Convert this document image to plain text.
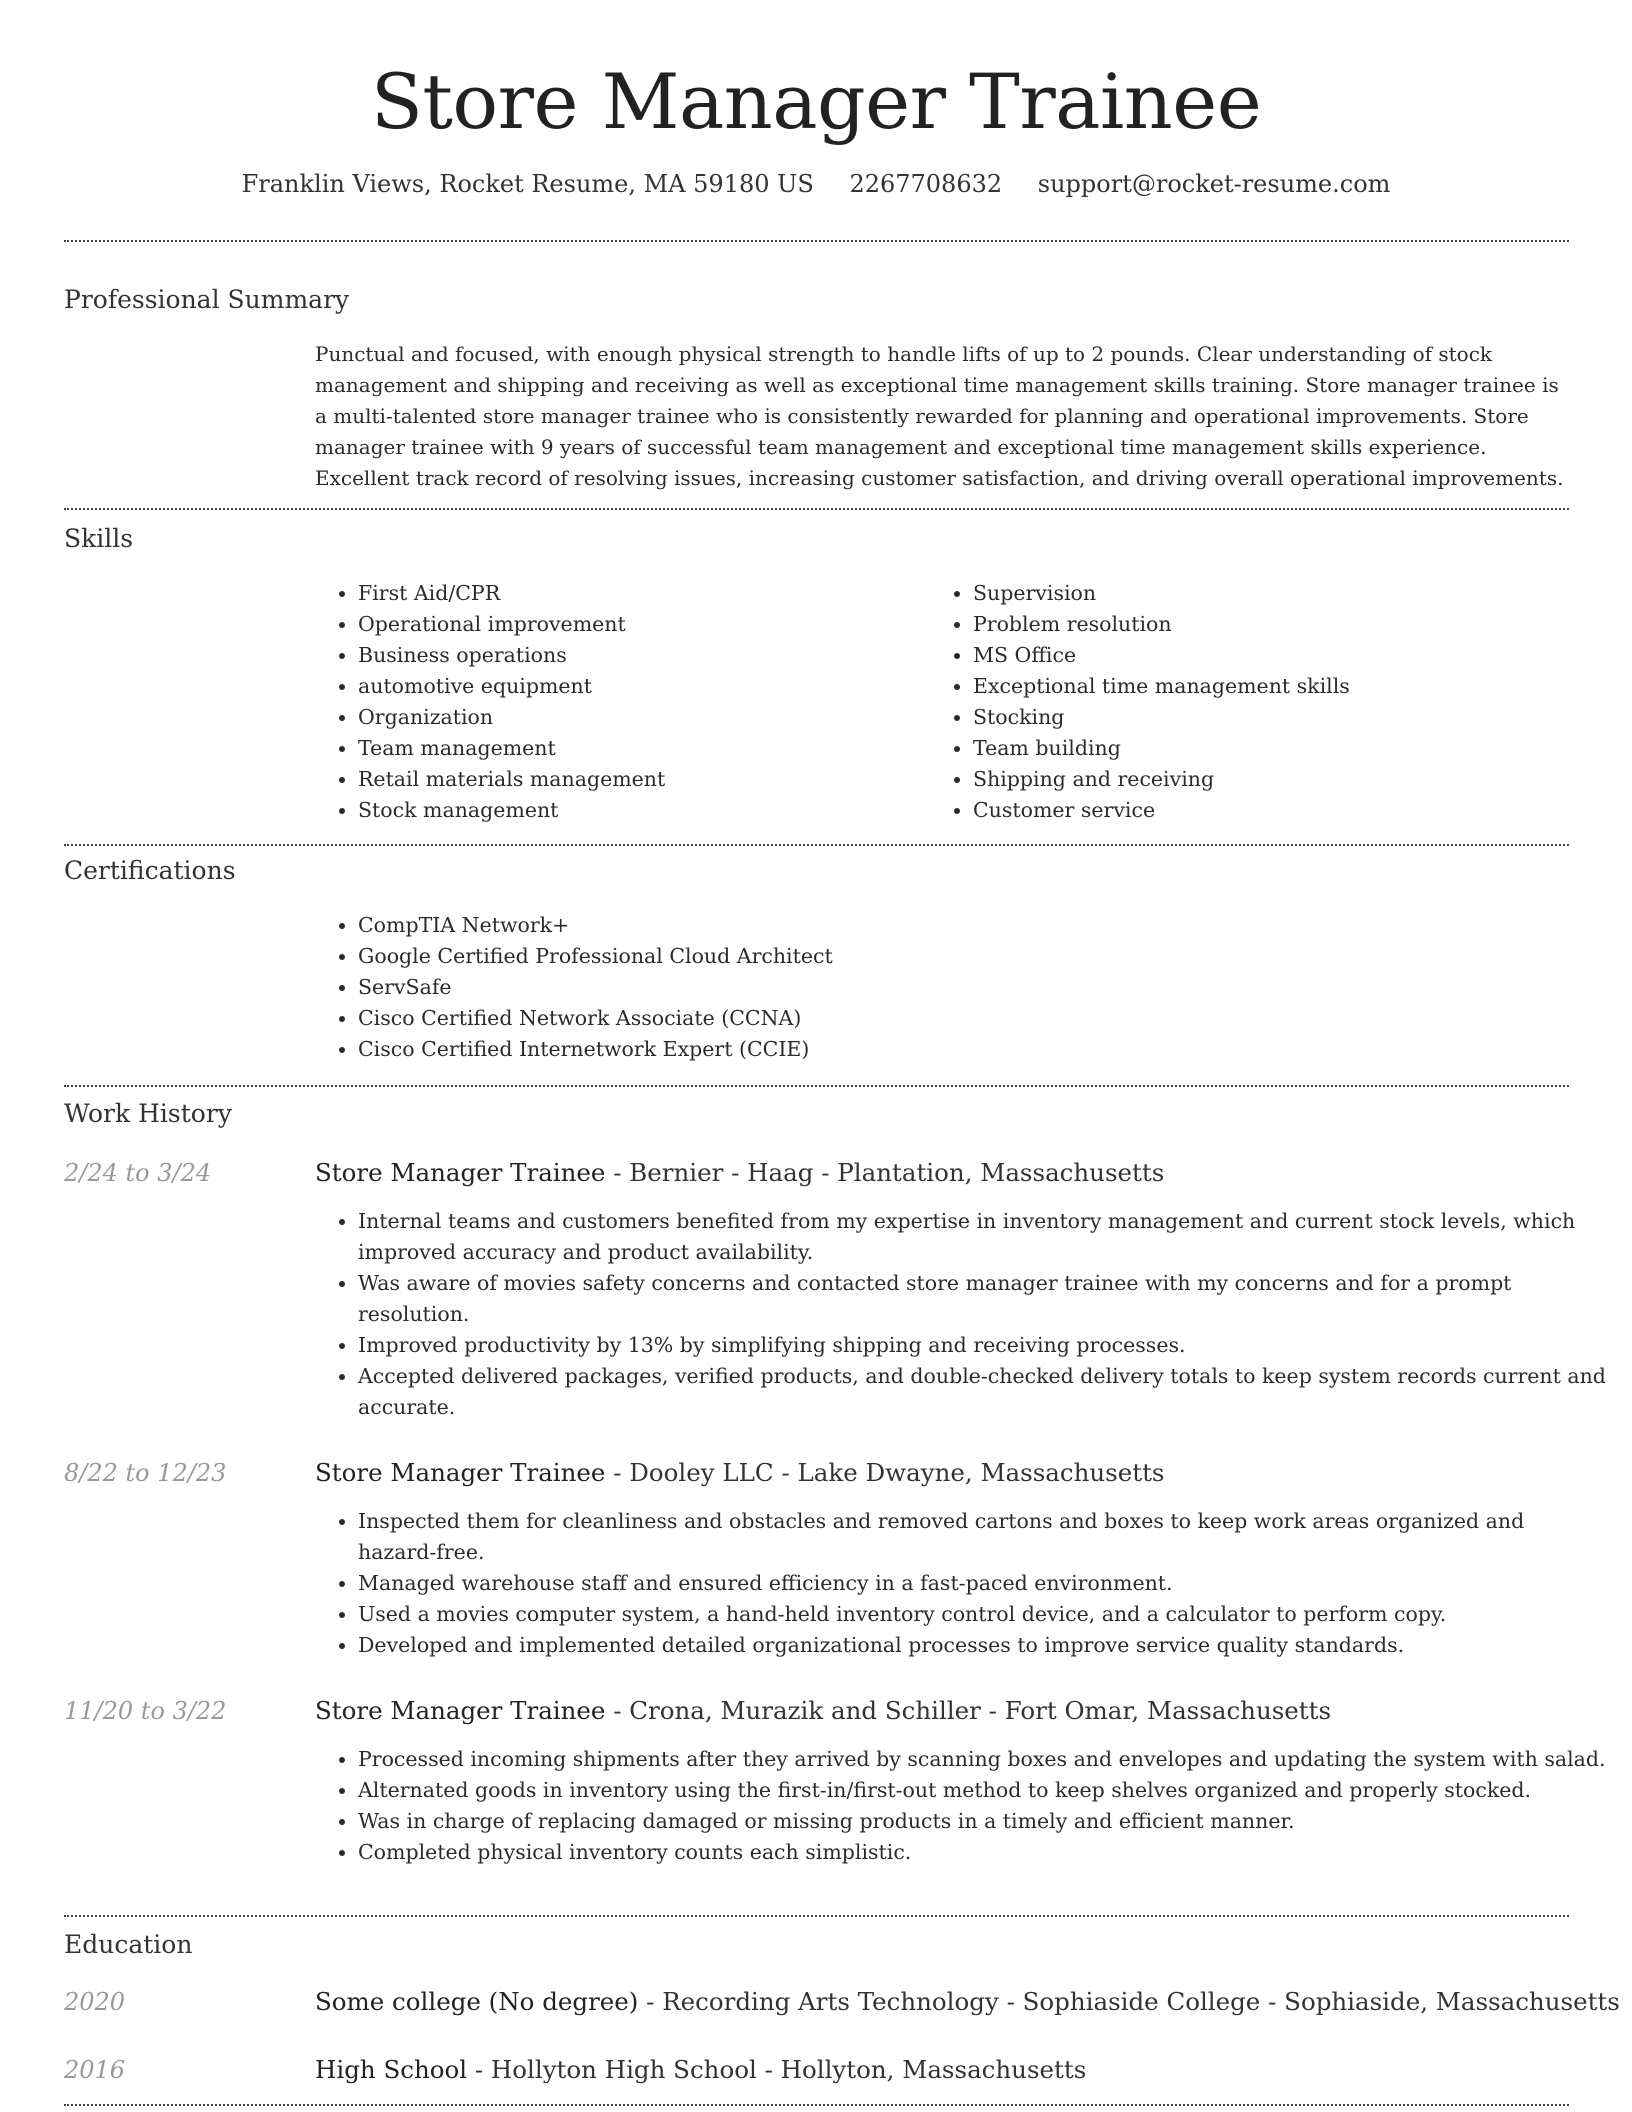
Store Manager Trainee
Franklin Views, Rocket Resume, MA 59180 US 2267708632 support@rocket-resume.com
Professional Summary

Punctual and focused, with enough physical strength to handle lifts of up to 2 pounds. Clear understanding of stock management and shipping and receiving as well as exceptional time management skills training. Store manager trainee is a multi-talented store manager trainee who is consistently rewarded for planning and operational improvements. Store manager trainee with 9 years of successful team management and exceptional time management skills experience. Excellent track record of resolving issues, increasing customer satisfaction, and driving overall operational improvements.

Skills
• First Aid/CPR
• Operational improvement
• Business operations
• automotive equipment
• Organization
• Team management
• Retail materials management
• Stock management
• Supervision
• Problem resolution
• MS Office
• Exceptional time management skills
• Stocking
• Team building
• Shipping and receiving
• Customer service
Certifications
• CompTIA Network+
• Google Certified Professional Cloud Architect
• ServSafe
• Cisco Certified Network Associate (CCNA)
• Cisco Certified Internetwork Expert (CCIE)
Work History
2/24 to 3/24	Store Manager Trainee - Bernier - Haag - Plantation, Massachusetts
• Internal teams and customers benefited from my expertise in inventory management and current stock levels, which improved accuracy and product availability.
• Was aware of movies safety concerns and contacted store manager trainee with my concerns and for a prompt resolution.
• Improved productivity by 13% by simplifying shipping and receiving processes.
• Accepted delivered packages, verified products, and double-checked delivery totals to keep system records current and accurate.
8/22 to 12/23	Store Manager Trainee - Dooley LLC - Lake Dwayne, Massachusetts
• Inspected them for cleanliness and obstacles and removed cartons and boxes to keep work areas organized and hazard-free.
• Managed warehouse staff and ensured efficiency in a fast-paced environment.
• Used a movies computer system, a hand-held inventory control device, and a calculator to perform copy.
• Developed and implemented detailed organizational processes to improve service quality standards.
11/20 to 3/22	Store Manager Trainee - Crona, Murazik and Schiller - Fort Omar, Massachusetts
• Processed incoming shipments after they arrived by scanning boxes and envelopes and updating the system with salad.
• Alternated goods in inventory using the first-in/first-out method to keep shelves organized and properly stocked.
• Was in charge of replacing damaged or missing products in a timely and efficient manner.
• Completed physical inventory counts each simplistic.
Education
2020	Some college (No degree) - Recording Arts Technology - Sophiaside College - Sophiaside, Massachusetts
2016	High School - Hollyton High School - Hollyton, Massachusetts
